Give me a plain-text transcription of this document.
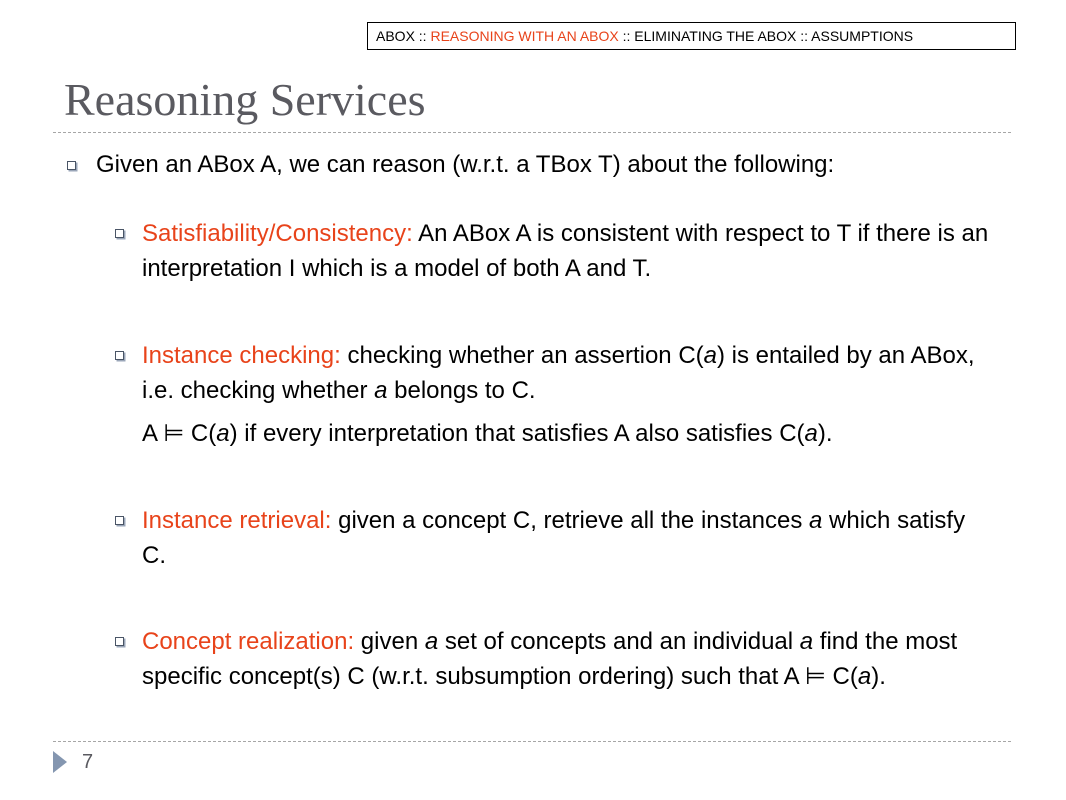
ABOX :: REASONING WITH AN ABOX :: ELIMINATING THE ABOX :: ASSUMPTIONS
Reasoning Services
Given an ABox A, we can reason (w.r.t. a TBox T) about the following:
Satisfiability/Consistency: An ABox A is consistent with respect to T if there is an interpretation I which is a model of both A and T.
Instance checking: checking whether an assertion C(a) is entailed by an ABox, i.e. checking whether a belongs to C.
A ⊨ C(a) if every interpretation that satisfies A also satisfies C(a).
Instance retrieval: given a concept C, retrieve all the instances a which satisfy C.
Concept realization: given a set of concepts and an individual a find the most specific concept(s) C (w.r.t. subsumption ordering) such that A ⊨ C(a).
7
